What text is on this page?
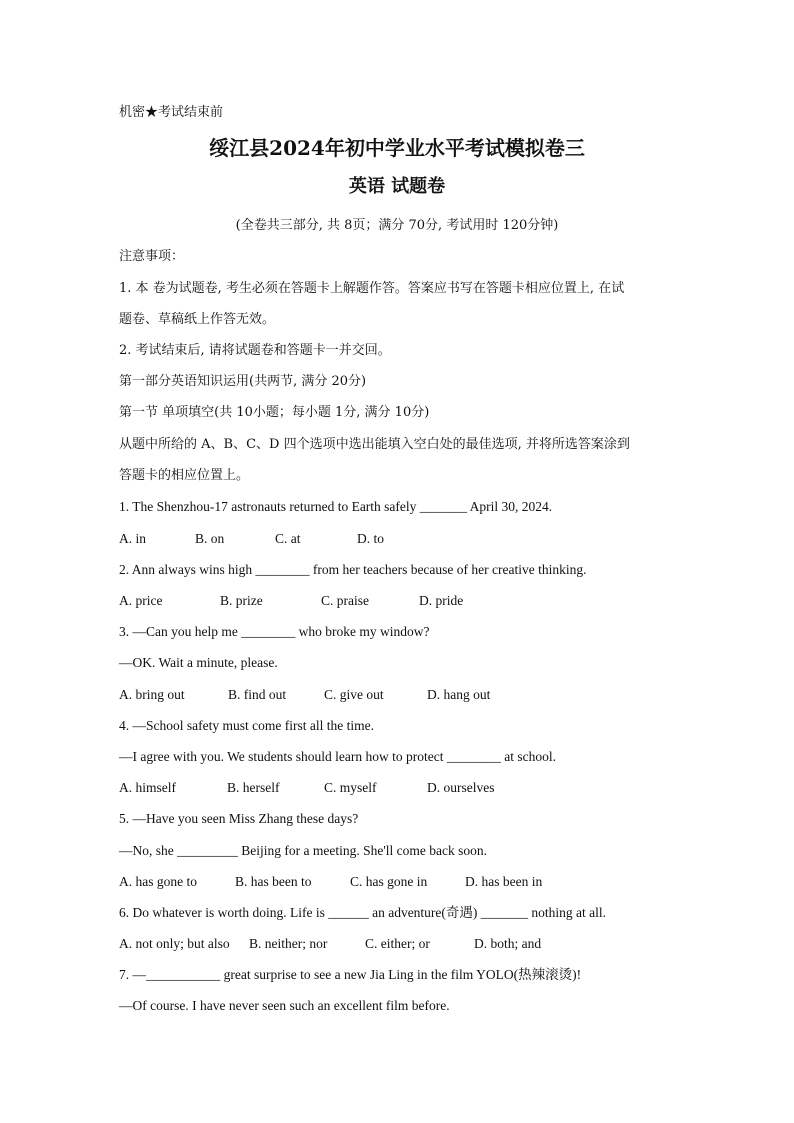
机密★考试结束前
绥江县2024年初中学业水平考试模拟卷三
英语 试题卷
(全卷共三部分, 共 8页；满分 70分, 考试用时 120分钟)
注意事项：
1. 本 卷为试题卷, 考生必须在答题卡上解题作答。答案应书写在答题卡相应位置上, 在试
题卷、草稿纸上作答无效。
2. 考试结束后, 请将试题卷和答题卡一并交回。
第一部分英语知识运用(共两节, 满分 20分)
第一节 单项填空(共 10小题；每小题 1分, 满分 10分)
从题中所给的 A、B、C、D 四个选项中选出能填入空白处的最佳选项, 并将所选答案涂到
答题卡的相应位置上。
1. The Shenzhou-17 astronauts returned to Earth safely _______ April 30, 2024.
A. in	B. on	C. at	D. to
2. Ann always wins high ________ from her teachers because of her creative thinking.
A. price	B. prize	C. praise	D. pride
3. —Can you help me ________ who broke my window?
—OK. Wait a minute, please.
A. bring out	B. find out	C. give out	D. hang out
4. —School safety must come first all the time.
—I agree with you. We students should learn how to protect ________ at school.
A. himself	B. herself	C. myself	D. ourselves
5. —Have you seen Miss Zhang these days?
—No, she _________ Beijing for a meeting. She'll come back soon.
A. has gone to	B. has been to	C. has gone in	D. has been in
6. Do whatever is worth doing. Life is ______ an adventure(奇遇) _______ nothing at all.
A. not only; but also B. neither; nor	C. either; or	D. both; and
7. —___________ great surprise to see a new Jia Ling in the film YOLO(热辣滚烫)!
—Of course. I have never seen such an excellent film before.
